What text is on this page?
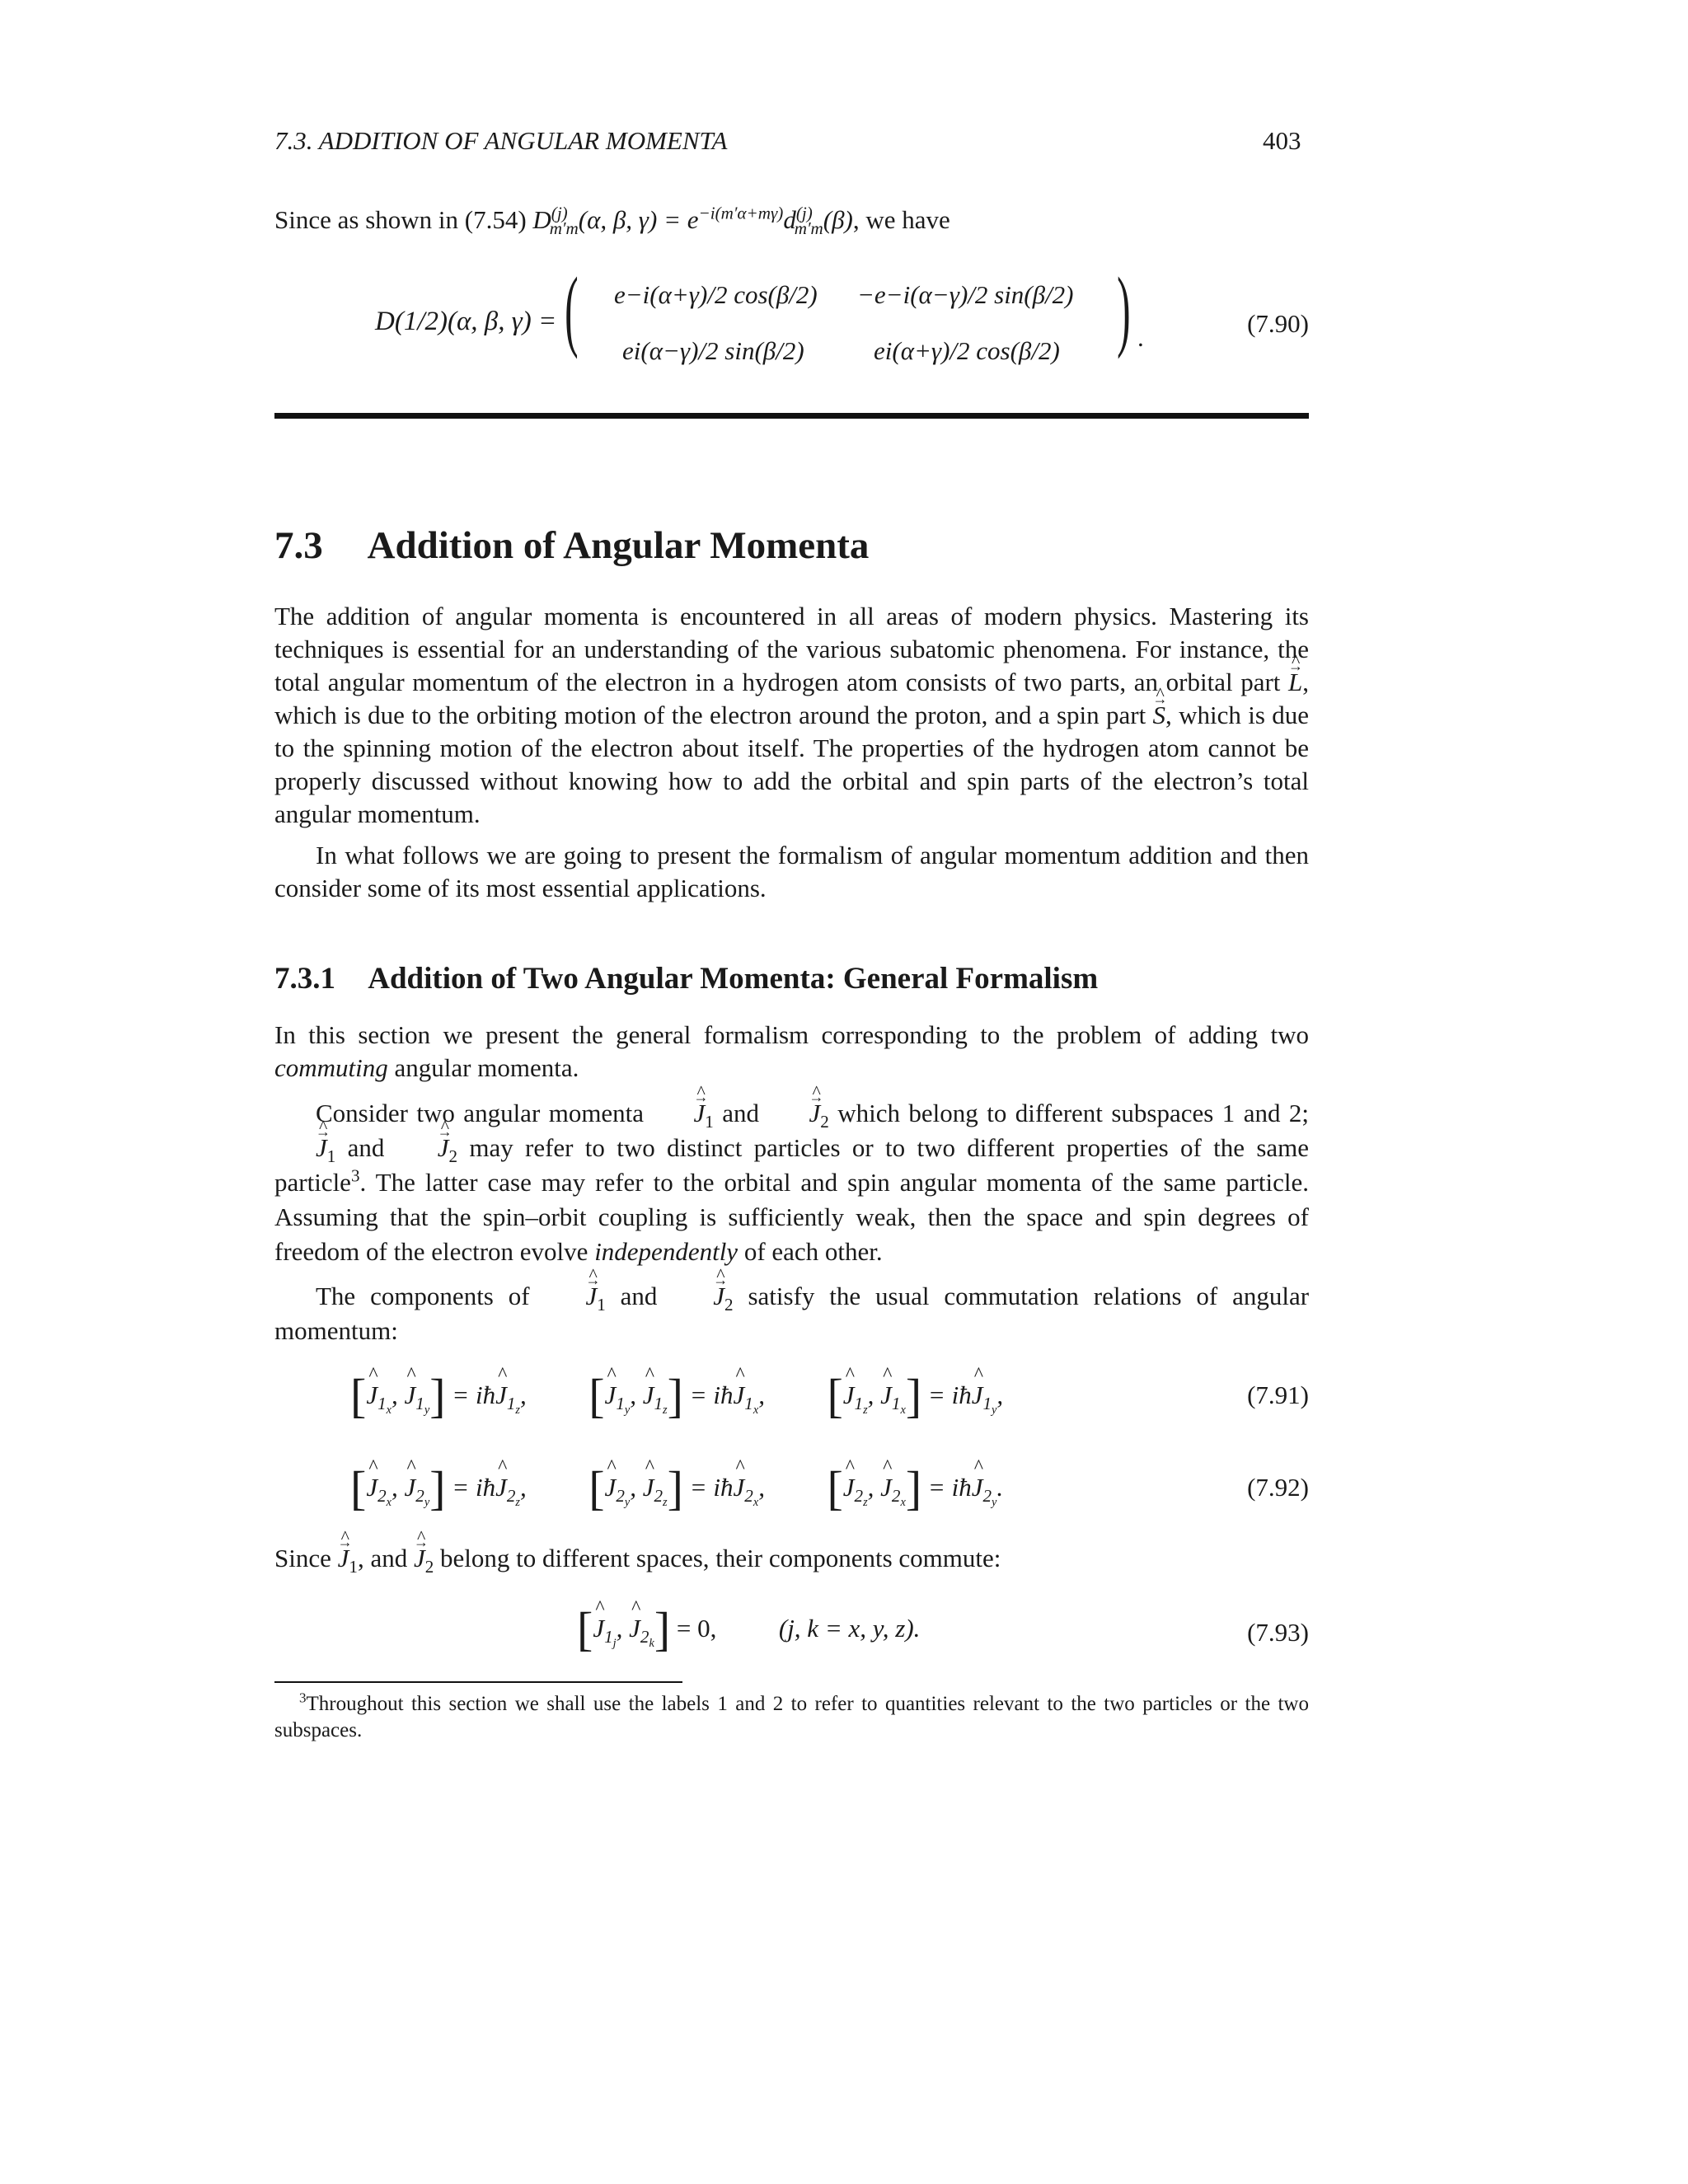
7.3. ADDITION OF ANGULAR MOMENTA	403
Since as shown in (7.54) $D^{(j)}_{m'm}(\alpha$, β, $\gamma) = e^{-i(m'\alpha+m\gamma)}d^{(j)}_{m'm}(\beta)$, we have
D(1/2)(α, β, γ) = ( e−i(α+γ)/2 cos(β/2) −e−i(α−γ)/2 sin(β/2)
ei(α−γ)/2 sin(β/2)	ei(α+γ)/2 cos(β/2) ) .	(7.90)
7.3 Addition of Angular Momenta
The addition of angular momenta is encountered in all areas of modern physics. Mastering its techniques is essential for an understanding of the various subatomic phenomena. For instance, the total angular momentum of the electron in a hydrogen atom consists of two parts, an orbital part ^ L →, which is due to the orbiting motion of the electron around the proton, and a spin part ^ S →, which is due to the spinning motion of the electron about itself. The properties of the hydrogen atom cannot be properly discussed without knowing how to add the orbital and spin parts of the electron’s total angular momentum.
In what follows we are going to present the formalism of angular momentum addition and then consider some of its most essential applications.
7.3.1 Addition of Two Angular Momenta: General Formalism
In this section we present the general formalism corresponding to the problem of adding two commuting angular momenta.
Consider two angular momenta ^ $J \to_1$ and ^ $J \to_2$ which belong to different subspaces 1 and 2; ^ $J \to_1$ and ^ $J \to_2$ may refer to two distinct particles or to two different properties of the same particle$^3$. The latter case may refer to the orbital and spin angular momenta of the same particle. Assuming that the spin–orbit coupling is sufficiently weak, then the space and spin degrees of freedom of the electron evolve independently of each other.
The components of ^ $J \to_1$ and ^ $J \to_2$ satisfy the usual commutation relations of angular momentum:
[^ $J_{1_x}$, ^ $J_{1_y}$] = iħ^ $J_{1_z}$,  [^ $J_{1_y}$, ^ $J_{1_z}$] = iħ^ $J_{1_x}$,  [^ $J_{1_z}$, ^ $J_{1_x}$] = iħ^ $J_{1_y}$,	(7.91)
[^ $J_{2_x}$, ^ $J_{2_y}$] = iħ^ $J_{2_z}$,  [^ $J_{2_y}$, ^ $J_{2_z}$] = iħ^ $J_{2_x}$,  [^ $J_{2_z}$, ^ $J_{2_x}$] = iħ^ $J_{2_y}$.	(7.92)
Since ^ $J \to_1$, and ^ $J \to_2$ belong to different spaces, their components commute:
[^ $J_{1_j}$, ^ $J_{2_k}] = 0$, (j, k = x, y, z).	(7.93)
$^3$Throughout this section we shall use the labels 1 and 2 to refer to quantities relevant to the two particles or the two subspaces.
